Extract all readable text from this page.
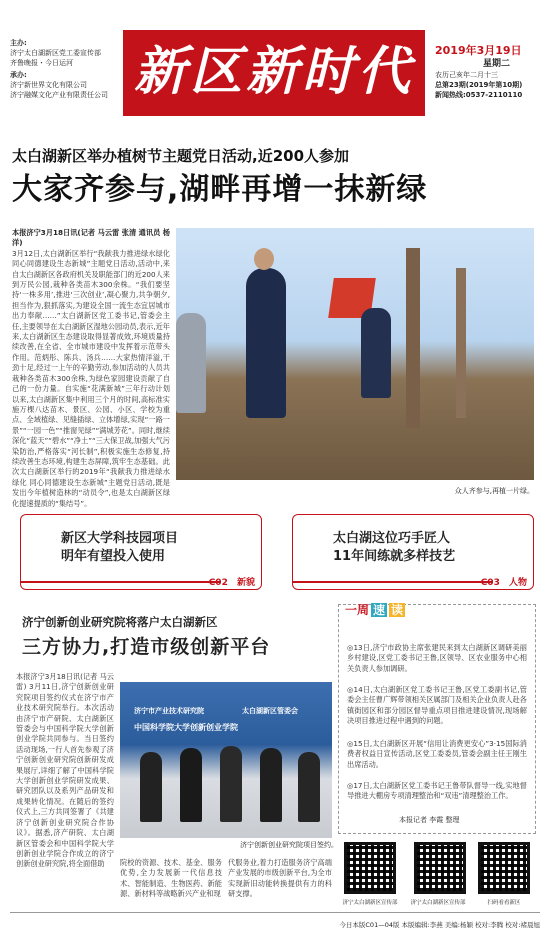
主办:
济宁太白湖新区党工委宣传部
齐鲁晚报・今日运河
承办:
济宁新世界文化有限公司
济宁融媒文化产业有限责任公司 新区新时代	2019年3月19日
星期二
农历己亥年二月十三
总第23期(2019年第10期)
新闻热线:0537-2110110
太白湖新区举办植树节主题党日活动,近200人参加
大家齐参与,湖畔再增一抹新绿
本报济宁3月18日讯(记者 马云雷 张清 通讯员 杨洋)
3月12日,太白湖新区举行“我献我力推进绿水绿化 同心同德建设生态新城”主题党日活动,活动中,来自太白湖新区各政府机关及职能部门的近200人来到万民公园,栽种各类苗木300余株。“我们要坚持‘一株多用’,推进‘三次创业’,凝心聚力,共争朝夕,担当作为,狠抓落实,为建设全国一流生态宜居城市出力奉献……”太白湖新区党工委书记,管委会主任,主要领导在太白湖新区湿地公园动员,表示,近年来,太白湖新区生态建设取得显著成效,环境质量持续改善,在全省、全市城市建设中发挥着示范带头作用。范炳彤、陈兵、汤兵……大家热情洋溢,干劲十足,经过一上午的辛勤劳动,参加活动的人员共栽种各类苗木300余株,为绿色家园建设贡献了自己的一份力量。自实施“花满新城”三年行动计划以来,太白湖新区集中利用三个月的时间,高标准实施万棵八达苗木、景区、公园、小区、学校为重点、全域植绿、见缝插绿、立体增绿,实现“一路一景”“一园一色”“推窗见绿”“满城芳花”。同时,继续深化“蓝天”“碧水”“净土”“三大保卫战,加强大气污染防治,严格落实“河长制”,积极实施生态修复,持续改善生态环境,构建生态屏障,筑牢生态基础。此次太白湖新区举行的2019年“我献我力推进绿水绿化 同心同德建设生态新城”主题党日活动,既是发出今年植树造林的“动员令”,也是太白湖新区绿化提速提质的“集结号”。
众人齐参与,再植一片绿。
新区大学科技园项目
明年有望投入使用
C02 新貌
太白湖这位巧手匠人
11年间练就多样技艺
C03 人物
济宁创新创业研究院将落户太白湖新区
三方协力,打造市级创新平台
本报济宁3月18日讯(记者 马云雷) 3月11日,济宁创新创业研究院项目签约仪式在济宁市产业技术研究院举行。本次活动由济宁市产研院、太白湖新区管委会与中国科学院大学创新创业学院共同参与。当日签约活动现场,一行人首先参观了济宁创新创业研究院创新研发成果展厅,详细了解了中国科学院大学创新创业学院研发成果、研究团队以及系列产品研发和成果转化情况。在随后的签约仪式上,三方共同签署了《共建济宁创新创业研究院合作协议》。据悉,济产研院、太白湖新区管委会和中国科学院大学创新创业学院合作成立的济宁创新创业研究院,将全面借助
济宁市产业技术研究院	太白湖新区管委会
中国科学院大学创新创业学院
济宁创新创业研究院项目签约。
院校的资源、技术、基金、服务优势,全力发展新一代信息技术、智能制造、生物医药、新能源、新材料等战略新兴产业和现
代服务业,着力打造服务济宁高端产业发展的市级创新平台,为全市实现新旧动能转换提供有力的科研支撑。
一周 速 读
◎13日,济宁市政协主席张建民来到太白湖新区调研美丽乡村建设,区党工委书记王鲁,区领导、区农业服务中心相关负责人参加调研。
◎14日,太白湖新区党工委书记王鲁,区党工委副书记,管委会主任曹广辉带领相关区属部门及相关企业负责人赴各镇街园区和部分园区督导重点项目推进建设情况,现场解决项目推进过程中遇到的问题。
◎15日,太白湖新区开展“信用让消费更安心”3·15国际消费者权益日宣传活动,区党工委委员,管委会副主任王刚生出席活动。
◎17日,太白湖新区党工委书记王鲁带队督导一线,实地督导推进大棚房专项清理整治和“双违”清理整治工作。
本报记者 李霞 整理
济宁太白湖新区宣传部	济宁太白湖新区宣传部	扫码看看新区
今日本版C01—04版 本版编辑:李燕 美编:杨颖 校对:李腾 校对:褚晨旭
